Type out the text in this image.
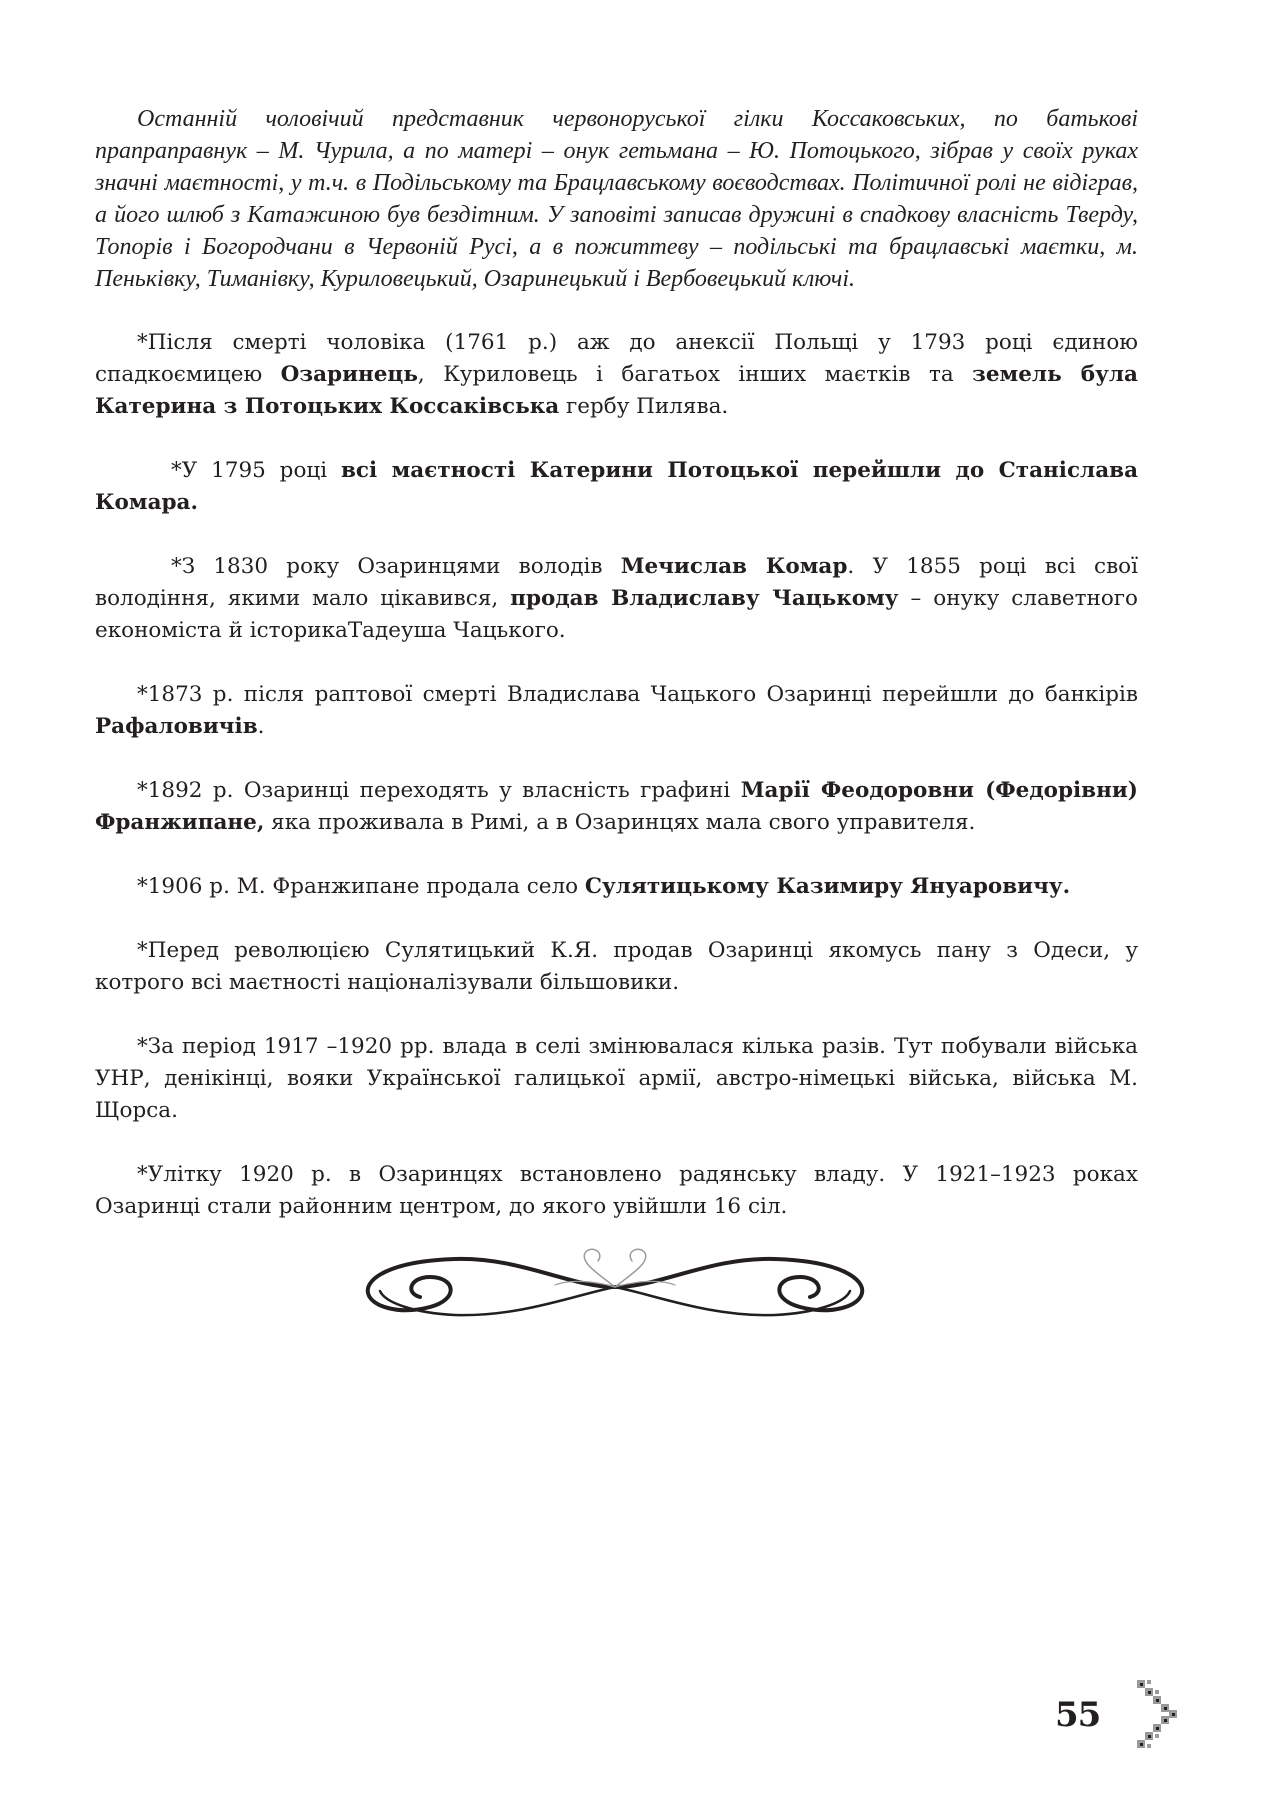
Останній чоловічий представник червоноруської гілки Коссаковських, по батькові прапраправнук – М. Чурила, а по матері – онук гетьмана – Ю. Потоцького, зібрав у своїх руках значні маєтності, у т.ч. в Подільському та Брацлавському воєводствах. Політичної ролі не відіграв, а його шлюб з Катажиною був бездітним. У заповіті записав дружині в спадкову власність Тверду, Топорів і Богородчани в Червоній Русі, а в пожиттеву – подільські та брацлавські маєтки, м. Пеньківку, Тиманівку, Куриловецький, Озаринецький і Вербовецький ключі.

*Після смерті чоловіка (1761 р.) аж до анексії Польщі у 1793 році єдиною спадкоємицею Озаринець, Куриловець і багатьох інших маєтків та земель була Катерина з Потоцьких Коссаківська гербу Пилява.

*У 1795 році всі маєтності Катерини Потоцької перейшли до Станіслава Комара.

*З 1830 року Озаринцями володів Мечислав Комар. У 1855 році всі свої володіння, якими мало цікавився, продав Владиславу Чацькому – онуку славетного економіста й історикаТадеуша Чацького.

*1873 р. після раптової смерті Владислава Чацького Озаринці перейшли до банкірів Рафаловичів.

*1892 р. Озаринці переходять у власність графині Марії Феодоровни (Федорівни) Франжипане, яка проживала в Римі, а в Озаринцях мала свого управителя.

*1906 р. М. Франжипане продала село Сулятицькому Казимиру Януаровичу.

*Перед революцією Сулятицький К.Я. продав Озаринці якомусь пану з Одеси, у котрого всі маєтності націоналізували більшовики.

*За період 1917 –1920 рр. влада в селі змінювалася кілька разів. Тут побували війська УНР, денікінці, вояки Української галицької армії, австро-німецькі війська, війська М. Щорса.

*Улітку 1920 р. в Озаринцях встановлено радянську владу. У 1921–1923 роках Озаринці стали районним центром, до якого увійшли 16 сіл.

55
